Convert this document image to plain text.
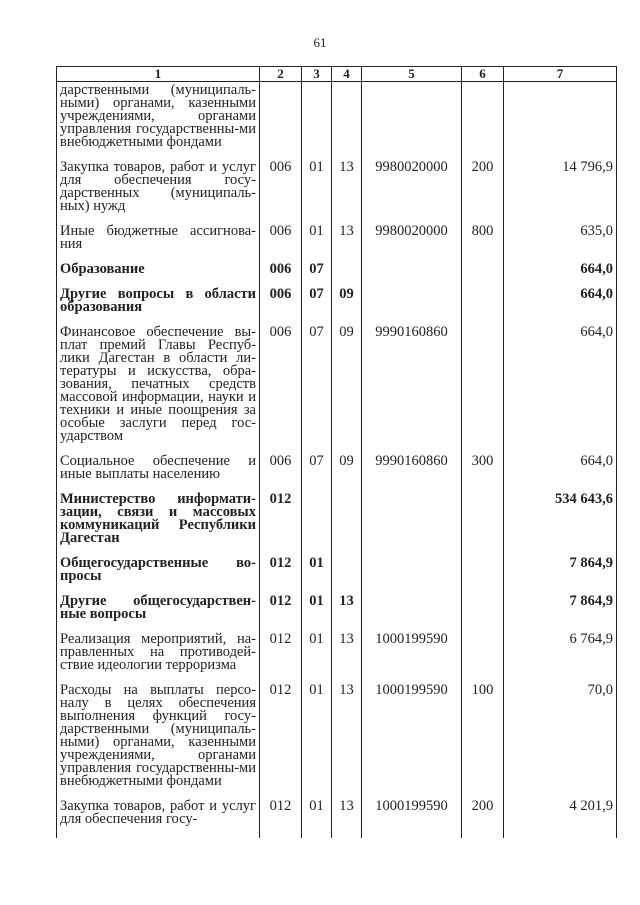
61
1	2	3	4	5	6	7
дарственными (муниципаль-ными) органами, казенными учреждениями, органами управления государственны-ми внебюджетными фондами						
Закупка товаров, работ и услуг для обеспечения госу-дарственных (муниципаль-ных) нужд	006	01	13	9980020000	200	14 796,9
Иные бюджетные ассигнова-ния	006	01	13	9980020000	800	635,0
Образование	006	07				664,0
Другие вопросы в области образования	006	07	09			664,0
Финансовое обеспечение вы-плат премий Главы Респуб-лики Дагестан в области ли-тературы и искусства, обра-зования, печатных средств массовой информации, науки и техники и иные поощрения за особые заслуги перед гос-ударством	006	07	09	9990160860		664,0
Социальное обеспечение и иные выплаты населению	006	07	09	9990160860	300	664,0
Министерство информати-зации, связи и массовых коммуникаций Республики Дагестан	012					534 643,6
Общегосударственные во-просы	012	01				7 864,9
Другие общегосударствен-ные вопросы	012	01	13			7 864,9
Реализация мероприятий, на-правленных на противодей-ствие идеологии терроризма	012	01	13	1000199590		6 764,9
Расходы на выплаты персо-налу в целях обеспечения выполнения функций госу-дарственными (муниципаль-ными) органами, казенными учреждениями, органами управления государственны-ми внебюджетными фондами	012	01	13	1000199590	100	70,0
Закупка товаров, работ и услуг для обеспечения госу-	012	01	13	1000199590	200	4 201,9
